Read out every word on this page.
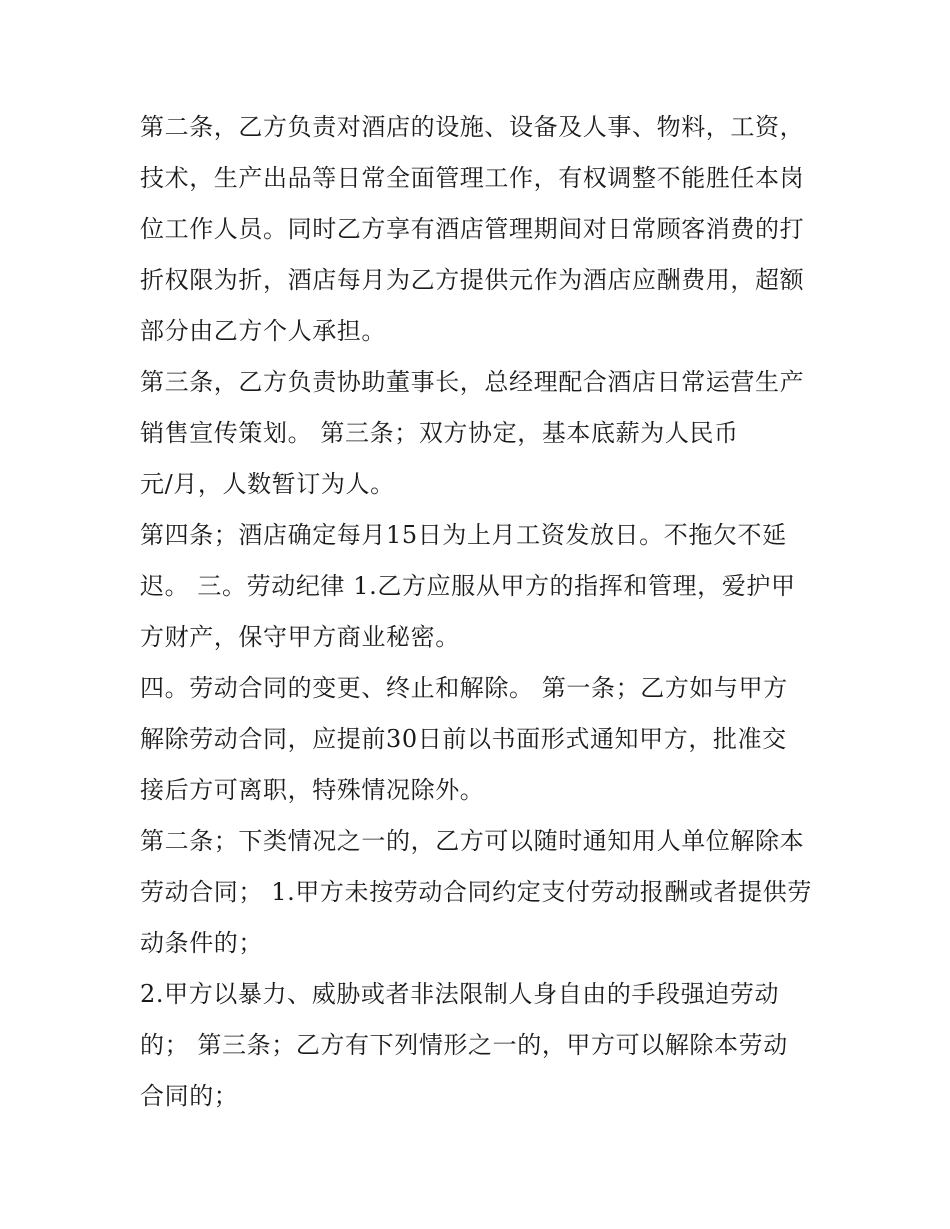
第二条，乙方负责对酒店的设施、设备及人事、物料，工资，
技术，生产出品等日常全面管理工作，有权调整不能胜任本岗
位工作人员。同时乙方享有酒店管理期间对日常顾客消费的打
折权限为折，酒店每月为乙方提供元作为酒店应酬费用，超额
部分由乙方个人承担。
第三条，乙方负责协助董事长，总经理配合酒店日常运营生产
销售宣传策划。 第三条；双方协定，基本底薪为人民币
元/月，人数暂订为人。
第四条；酒店确定每月15日为上月工资发放日。不拖欠不延
迟。 三。劳动纪律 1.乙方应服从甲方的指挥和管理，爱护甲
方财产，保守甲方商业秘密。
四。劳动合同的变更、终止和解除。 第一条；乙方如与甲方
解除劳动合同，应提前30日前以书面形式通知甲方，批准交
接后方可离职，特殊情况除外。
第二条；下类情况之一的，乙方可以随时通知用人单位解除本
劳动合同； 1.甲方未按劳动合同约定支付劳动报酬或者提供劳
动条件的；
2.甲方以暴力、威胁或者非法限制人身自由的手段强迫劳动
的； 第三条；乙方有下列情形之一的，甲方可以解除本劳动
合同的；
